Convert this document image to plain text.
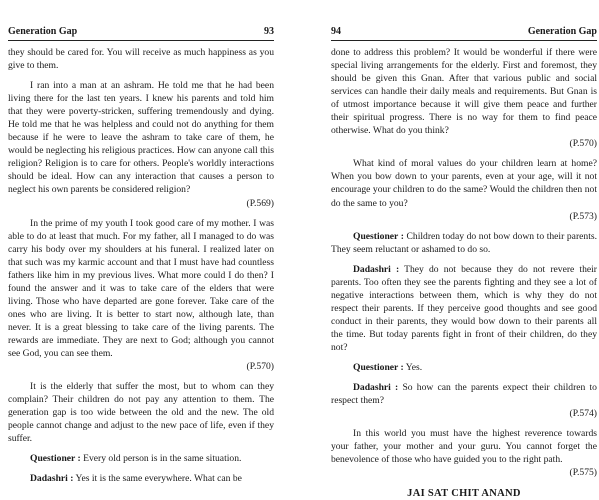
Generation Gap	93

they should be cared for. You will receive as much happiness as you give to them.

I ran into a man at an ashram. He told me that he had been living there for the last ten years. I knew his parents and told him that they were poverty-stricken, suffering tremendously and dying. He told me that he was helpless and could not do anything for them because if he were to leave the ashram to take care of them, he would be neglecting his religious practices. How can anyone call this religion? Religion is to care for others. People's worldly interactions should be ideal. How can any interaction that causes a person to neglect his own parents be considered religion?
(P.569)

In the prime of my youth I took good care of my mother. I was able to do at least that much. For my father, all I managed to do was carry his body over my shoulders at his funeral. I realized later on that such was my karmic account and that I must have had countless fathers like him in my previous lives. What more could I do then? I found the answer and it was to take care of the elders that were living. Those who have departed are gone forever. Take care of the ones who are living. It is better to start now, although late, than never. It is a great blessing to take care of the living parents. The rewards are immediate. They are next to God; although you cannot see God, you can see them.
(P.570)

It is the elderly that suffer the most, but to whom can they complain? Their children do not pay any attention to them. The generation gap is too wide between the old and the new. The old people cannot change and adjust to the new pace of life, even if they suffer.

Questioner : Every old person is in the same situation.

Dadashri : Yes it is the same everywhere. What can be

94	Generation Gap

done to address this problem? It would be wonderful if there were special living arrangements for the elderly. First and foremost, they should be given this Gnan. After that various public and social services can handle their daily meals and requirements. But Gnan is of utmost importance because it will give them peace and further their spiritual progress. There is no way for them to find peace otherwise. What do you think?
(P.570)

What kind of moral values do your children learn at home? When you bow down to your parents, even at your age, will it not encourage your children to do the same? Would the children then not do the same to you?
(P.573)

Questioner : Children today do not bow down to their parents. They seem reluctant or ashamed to do so.

Dadashri : They do not because they do not revere their parents. Too often they see the parents fighting and they see a lot of negative interactions between them, which is why they do not respect their parents. If they perceive good thoughts and see good conduct in their parents, they would bow down to their parents all the time. But today parents fight in front of their children, do they not?

Questioner : Yes.

Dadashri : So how can the parents expect their children to respect them?
(P.574)

In this world you must have the highest reverence towards your father, your mother and your guru. You cannot forget the benevolence of those who have guided you to the right path.
(P.575)

JAI SAT CHIT ANAND
